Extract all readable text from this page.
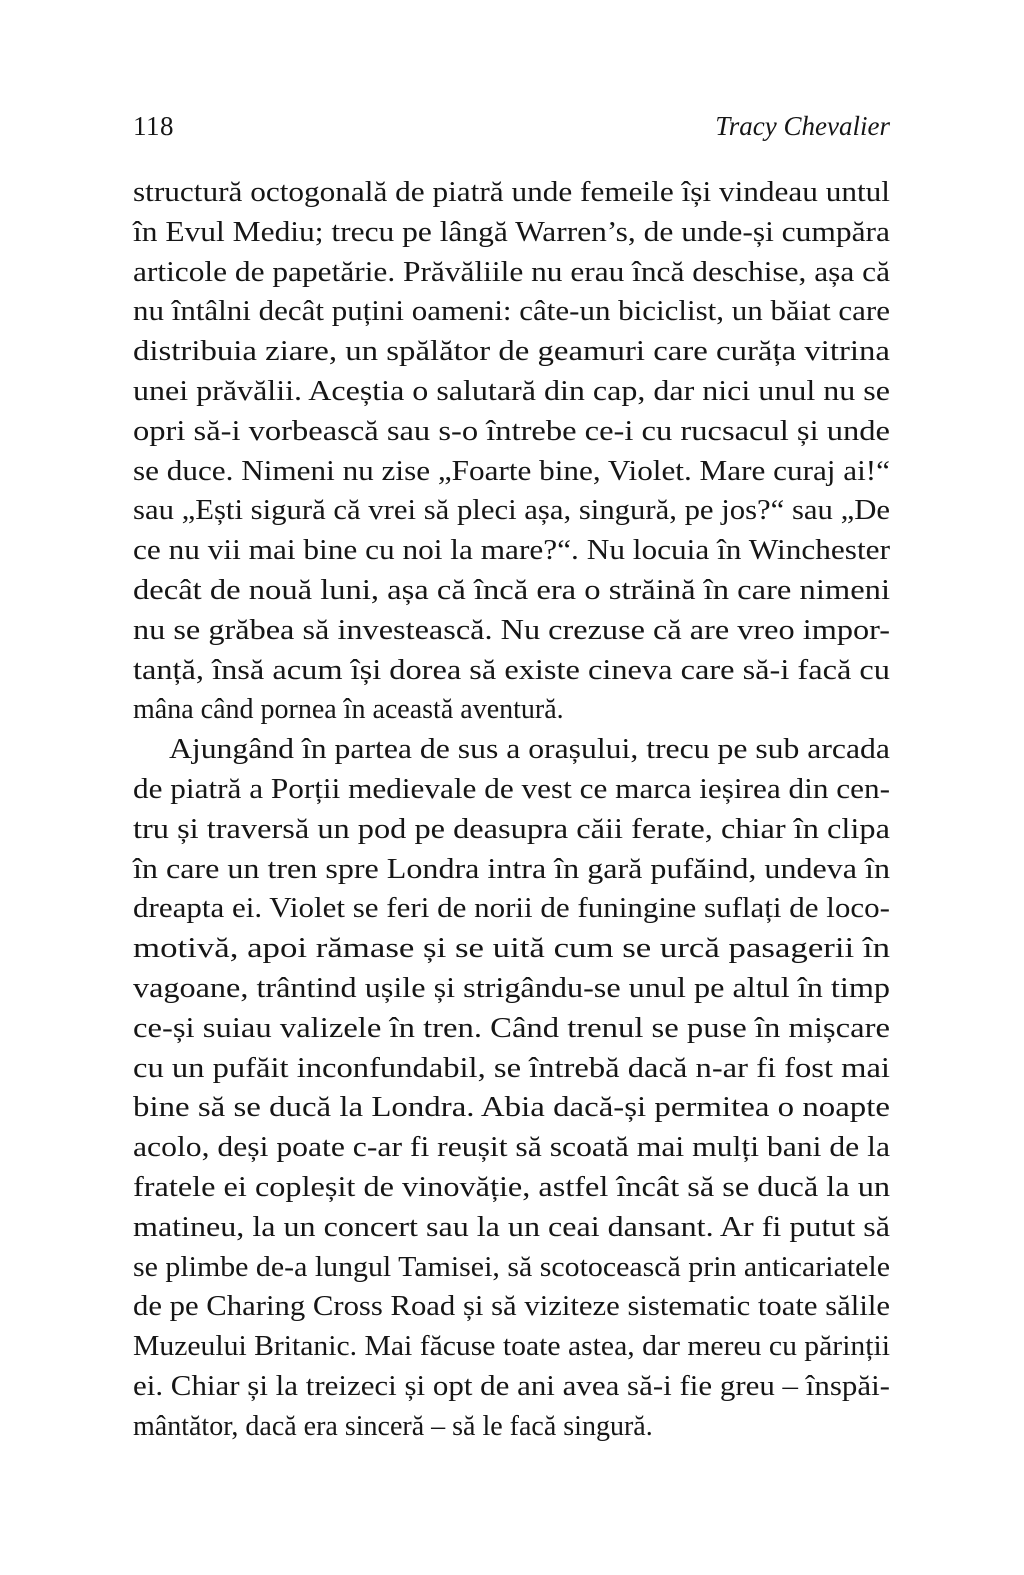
118	Tracy Chevalier
structură octogonală de piatră unde femeile își vindeau untul
în Evul Mediu; trecu pe lângă Warren’s, de unde-și cumpăra
articole de papetărie. Prăvăliile nu erau încă deschise, așa că
nu întâlni decât puțini oameni: câte-un biciclist, un băiat care
distribuia ziare, un spălător de geamuri care curăța vitrina
unei prăvălii. Aceștia o salutară din cap, dar nici unul nu se
opri să-i vorbească sau s-o întrebe ce-i cu rucsacul și unde
se duce. Nimeni nu zise „Foarte bine, Violet. Mare curaj ai!“
sau „Ești sigură că vrei să pleci așa, singură, pe jos?“ sau „De
ce nu vii mai bine cu noi la mare?“. Nu locuia în Winchester
decât de nouă luni, așa că încă era o străină în care nimeni
nu se grăbea să investească. Nu crezuse că are vreo impor-
tanță, însă acum își dorea să existe cineva care să-i facă cu
mâna când pornea în această aventură.
Ajungând în partea de sus a orașului, trecu pe sub arcada
de piatră a Porții medievale de vest ce marca ieșirea din cen-
tru și traversă un pod pe deasupra căii ferate, chiar în clipa
în care un tren spre Londra intra în gară pufăind, undeva în
dreapta ei. Violet se feri de norii de funingine suflați de loco-
motivă, apoi rămase și se uită cum se urcă pasagerii în
vagoane, trântind ușile și strigându-se unul pe altul în timp
ce-și suiau valizele în tren. Când trenul se puse în mișcare
cu un pufăit inconfundabil, se întrebă dacă n-ar fi fost mai
bine să se ducă la Londra. Abia dacă-și permitea o noapte
acolo, deși poate c-ar fi reușit să scoată mai mulți bani de la
fratele ei copleșit de vinovăție, astfel încât să se ducă la un
matineu, la un concert sau la un ceai dansant. Ar fi putut să
se plimbe de-a lungul Tamisei, să scotocească prin anticariatele
de pe Charing Cross Road și să viziteze sistematic toate sălile
Muzeului Britanic. Mai făcuse toate astea, dar mereu cu părinții
ei. Chiar și la treizeci și opt de ani avea să-i fie greu – înspăi-
mântător, dacă era sinceră – să le facă singură.
